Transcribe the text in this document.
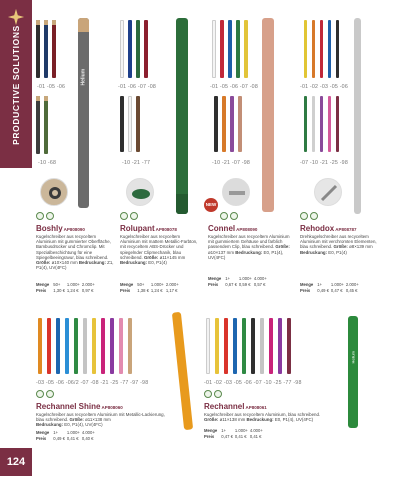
PRODUCTIVE SOLUTIONS
124
-01 -05 -06
-10 -68
Helium
BoshlyAP808090
Kugelschreiber aus recyceltem Aluminium mit gummierter Oberfläche, Bambusdrücker und Chromclip. Mit Spezialbeschichtung für eine Spiegelbeeingravur, blau schreibend. Größe: ø10×140 mm Bedruckung: Z1, P1(4), UV(4FC)
Menge	50+	1.000+	2.000+
Preis	1,30 €	1,24 €	0,97 €
-01 -06 -07 -08
-10 -21 -77
RolupantAP808078
Kugelschreiber aus recyceltem Aluminium mit mattem Metallic-Farbton, mit recyceltem ABS-Drücker und spiegelnder Clipmechanik, blau schreibend. Größe: ø11×145 mm Bedruckung: E0, P1(4)
Menge	50+	1.000+	2.000+
Preis	1,38 €	1,24 €	1,17 €
-01 -05 -06 -07 -08
-10 -21 -07 -98
NEW
ConnelAP808090
Kugelschreiber aus recyceltem Aluminium mit gummiertem Gehäuse und farblich passendem Clip, blau schreibend. Größe: ø10×137 mm Bedruckung: E0, P1(4), UV(4FC)
Menge	1+	1.000+	4.000+
Preis	0,67 €	0,59 €	0,57 €
-01 -02 -03 -05 -06
-07 -10 -21 -25 -98
RehodoxAP808787
Drehkugelschreiber aus recyceltem Aluminium mit verchromten Elementen, blau schreibend. Größe: ø8×139 mm Bedruckung: E0, P1(4)
Menge	1+	1.000+	2.000+
Preis	0,49 €	0,47 €	0,45 €
-03 -05 -06 -06/2 -07 -08 -21 -25 -77 -97 -98
Rechannel ShineAP808060
Kugelschreiber aus recyceltem Aluminium mit Metallic-Lackierung, blau schreibend. Größe: ø11×138 mm
Bedruckung: E0, P1(4), UV(4FC)
Menge	1+	1.000+	4.000+
Preis	0,49 €	0,41 €	0,40 €
-01 -02 -03 -05 -06 -07 -10 -25 -77 -98
Helium
RechannelAP808061
Kugelschreiber aus recyceltem Aluminium, blau schreibend. Größe: ø11×138 mm Bedruckung: E0, P1(4), UV(4FC)
Menge	1+	1.000+	4.000+
Preis	0,47 €	0,41 €	0,41 €
